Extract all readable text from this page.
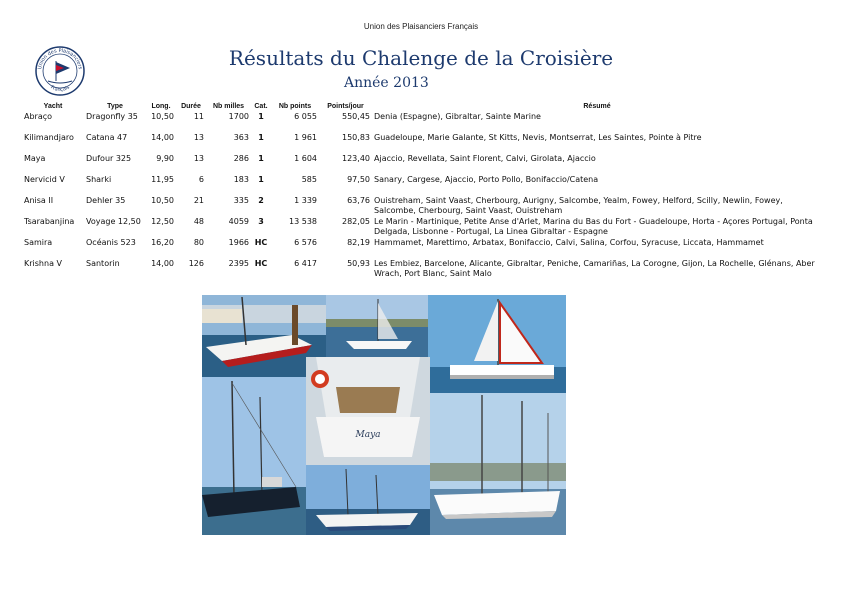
Union des Plaisanciers Français
Union des Plaisanciers
Français
Résultats du Chalenge de la Croisière
Année 2013
Yacht	Type	Long.	Durée	Nb milles	Cat.	Nb points	Points/jour	Résumé
Abraço	Dragonfly 35	10,50	11	1700	1	6 055	550,45	Denia (Espagne), Gibraltar, Sainte Marine
Kilimandjaro	Catana 47	14,00	13	363	1	1 961	150,83	Guadeloupe, Marie Galante, St Kitts, Nevis, Montserrat, Les Saintes, Pointe à Pitre
Maya	Dufour 325	9,90	13	286	1	1 604	123,40	Ajaccio, Revellata, Saint Florent, Calvi, Girolata, Ajaccio
Nervicid V	Sharki	11,95	6	183	1	585	97,50	Sanary, Cargese, Ajaccio, Porto Pollo, Bonifaccio/Catena
Anisa II	Dehler 35	10,50	21	335	2	1 339	63,76	Ouistreham, Saint Vaast, Cherbourg, Aurigny, Salcombe, Yealm, Fowey, Helford, Scilly, Newlin, Fowey, Salcombe, Cherbourg, Saint Vaast, Ouistreham
Tsarabanjina	Voyage 12,50	12,50	48	4059	3	13 538	282,05	Le Marin - Martinique, Petite Anse d'Arlet, Marina du Bas du Fort - Guadeloupe, Horta - Açores Portugal, Ponta Delgada, Lisbonne - Portugal, La Linea Gibraltar - Espagne
Samira	Océanis 523	16,20	80	1966	HC	6 576	82,19	Hammamet, Marettimo, Arbatax, Bonifaccio, Calvi, Salina, Corfou, Syracuse, Liccata, Hammamet
Krishna V	Santorin	14,00	126	2395	HC	6 417	50,93	Les Embiez, Barcelone, Alicante, Gibraltar, Peniche, Camariñas, La Corogne, Gijon, La Rochelle, Glénans, Aber Wrach, Port Blanc, Saint Malo
Maya
